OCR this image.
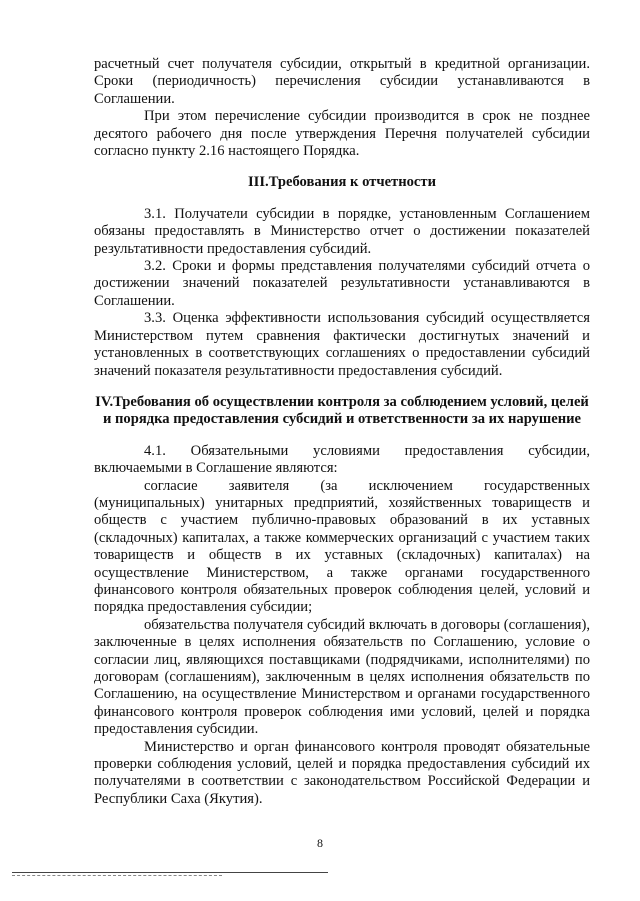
расчетный счет получателя субсидии, открытый в кредитной организации. Сроки (периодичность) перечисления субсидии устанавливаются в Соглашении.

При этом перечисление субсидии производится в срок не позднее десятого рабочего дня после утверждения Перечня получателей субсидии согласно пункту 2.16 настоящего Порядка.

III.Требования к отчетности

3.1. Получатели субсидии в порядке, установленным Соглашением обязаны предоставлять в Министерство отчет о достижении показателей результативности предоставления субсидий.

3.2. Сроки и формы представления получателями субсидий отчета о достижении значений показателей результативности устанавливаются в Соглашении.

3.3. Оценка эффективности использования субсидий осуществляется Министерством путем сравнения фактически достигнутых значений и установленных в соответствующих соглашениях о предоставлении субсидий значений показателя результативности предоставления субсидий.

IV.Требования об осуществлении контроля за соблюдением условий, целей и порядка предоставления субсидий и ответственности за их нарушение

4.1. Обязательными условиями предоставления субсидии, включаемыми в Соглашение являются:

согласие заявителя (за исключением государственных (муниципальных) унитарных предприятий, хозяйственных товариществ и обществ с участием публично-правовых образований в их уставных (складочных) капиталах, а также коммерческих организаций с участием таких товариществ и обществ в их уставных (складочных) капиталах) на осуществление Министерством, а также органами государственного финансового контроля обязательных проверок соблюдения целей, условий и порядка предоставления субсидии;

обязательства получателя субсидий включать в договоры (соглашения), заключенные в целях исполнения обязательств по Соглашению, условие о согласии лиц, являющихся поставщиками (подрядчиками, исполнителями) по договорам (соглашениям), заключенным в целях исполнения обязательств по Соглашению, на осуществление Министерством и органами государственного финансового контроля проверок соблюдения ими условий, целей и порядка предоставления субсидии.

Министерство и орган финансового контроля проводят обязательные проверки соблюдения условий, целей и порядка предоставления субсидий их получателями в соответствии с законодательством Российской Федерации и Республики Саха (Якутия).

8
